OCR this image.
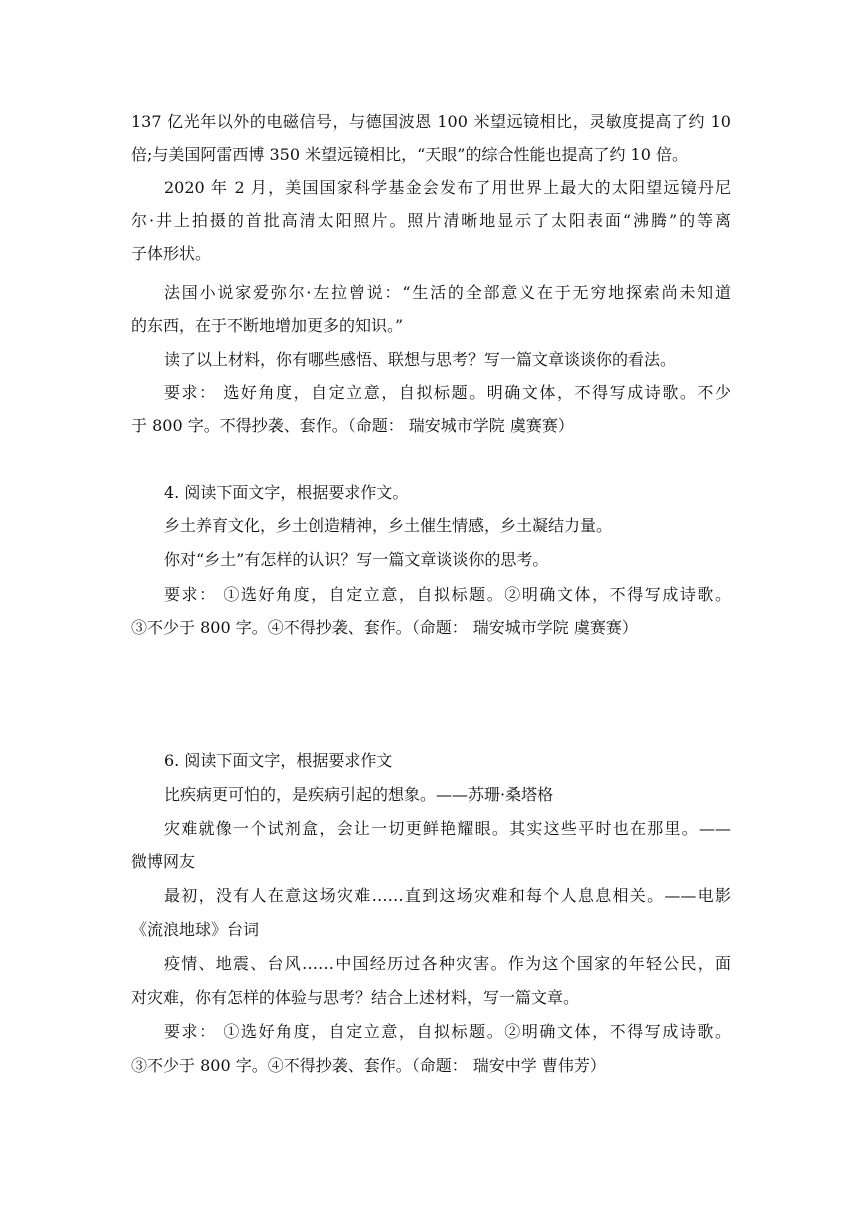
137 亿光年以外的电磁信号，与德国波恩 100 米望远镜相比，灵敏度提高了约 10
倍;与美国阿雷西博 350 米望远镜相比，“天眼”的综合性能也提高了约 10 倍。
2020 年 2 月，美国国家科学基金会发布了用世界上最大的太阳望远镜丹尼
尔·井上拍摄的首批高清太阳照片。照片清晰地显示了太阳表面“沸腾”的等离
子体形状。
法国小说家爱弥尔·左拉曾说：“生活的全部意义在于无穷地探索尚未知道
的东西，在于不断地增加更多的知识。”
读了以上材料，你有哪些感悟、联想与思考？写一篇文章谈谈你的看法。
要求： 选好角度，自定立意，自拟标题。明确文体，不得写成诗歌。不少
于 800 字。不得抄袭、套作。（命题： 瑞安城市学院 虞赛赛）
4. 阅读下面文字，根据要求作文。
乡土养育文化，乡土创造精神，乡土催生情感，乡土凝结力量。
你对“乡土”有怎样的认识？写一篇文章谈谈你的思考。
要求： ①选好角度，自定立意，自拟标题。②明确文体，不得写成诗歌。
③不少于 800 字。④不得抄袭、套作。（命题： 瑞安城市学院 虞赛赛）
6. 阅读下面文字，根据要求作文
比疾病更可怕的，是疾病引起的想象。——苏珊·桑塔格
灾难就像一个试剂盒，会让一切更鲜艳耀眼。其实这些平时也在那里。——
微博网友
最初，没有人在意这场灾难……直到这场灾难和每个人息息相关。——电影
《流浪地球》台词
疫情、地震、台风……中国经历过各种灾害。作为这个国家的年轻公民，面
对灾难，你有怎样的体验与思考？结合上述材料，写一篇文章。
要求： ①选好角度，自定立意，自拟标题。②明确文体，不得写成诗歌。
③不少于 800 字。④不得抄袭、套作。（命题： 瑞安中学 曹伟芳）
